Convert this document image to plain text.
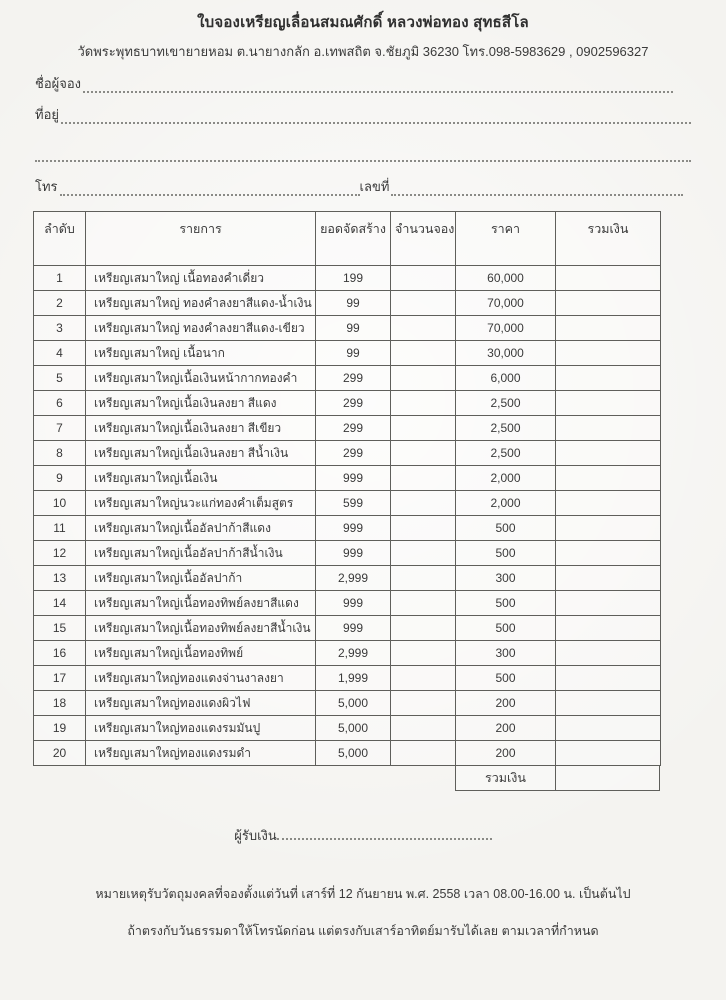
ใบจองเหรียญเลื่อนสมณศักดิ์ หลวงพ่อทอง สุทธสีโล
วัดพระพุทธบาทเขายายหอม ต.นายางกลัก อ.เทพสถิต จ.ชัยภูมิ 36230 โทร.098-5983629 , 0902596327
ชื่อผู้จอง
ที่อยู่
โทร	เลขที่
ลำดับ	รายการ	ยอดจัดสร้าง	จำนวนจอง	ราคา	รวมเงิน
1	เหรียญเสมาใหญ่ เนื้อทองคำเดี่ยว	199		60,000	
2	เหรียญเสมาใหญ่ ทองคำลงยาสีแดง-น้ำเงิน	99		70,000	
3	เหรียญเสมาใหญ่ ทองคำลงยาสีแดง-เขียว	99		70,000	
4	เหรียญเสมาใหญ่ เนื้อนาก	99		30,000	
5	เหรียญเสมาใหญ่เนื้อเงินหน้ากากทองคำ	299		6,000	
6	เหรียญเสมาใหญ่เนื้อเงินลงยา สีแดง	299		2,500	
7	เหรียญเสมาใหญ่เนื้อเงินลงยา สีเขียว	299		2,500	
8	เหรียญเสมาใหญ่เนื้อเงินลงยา สีน้ำเงิน	299		2,500	
9	เหรียญเสมาใหญ่เนื้อเงิน	999		2,000	
10	เหรียญเสมาใหญ่นวะแก่ทองคำเต็มสูตร	599		2,000	
11	เหรียญเสมาใหญ่เนื้ออัลปาก้าสีแดง	999		500	
12	เหรียญเสมาใหญ่เนื้ออัลปาก้าสีน้ำเงิน	999		500	
13	เหรียญเสมาใหญ่เนื้ออัลปาก้า	2,999		300	
14	เหรียญเสมาใหญ่เนื้อทองทิพย์ลงยาสีแดง	999		500	
15	เหรียญเสมาใหญ่เนื้อทองทิพย์ลงยาสีน้ำเงิน	999		500	
16	เหรียญเสมาใหญ่เนื้อทองทิพย์	2,999		300	
17	เหรียญเสมาใหญ่ทองแดงจ่านงาลงยา	1,999		500	
18	เหรียญเสมาใหญ่ทองแดงผิวไฟ	5,000		200	
19	เหรียญเสมาใหญ่ทองแดงรมมันปู	5,000		200	
20	เหรียญเสมาใหญ่ทองแดงรมดำ	5,000		200	
รวมเงิน
ผู้รับเงิน
หมายเหตุรับวัตถุมงคลที่จองตั้งแต่วันที่ เสาร์ที่ 12 กันยายน พ.ศ. 2558 เวลา 08.00-16.00 น. เป็นต้นไป
ถ้าตรงกับวันธรรมดาให้โทรนัดก่อน แต่ตรงกับเสาร์อาทิตย์มารับได้เลย ตามเวลาที่กำหนด
